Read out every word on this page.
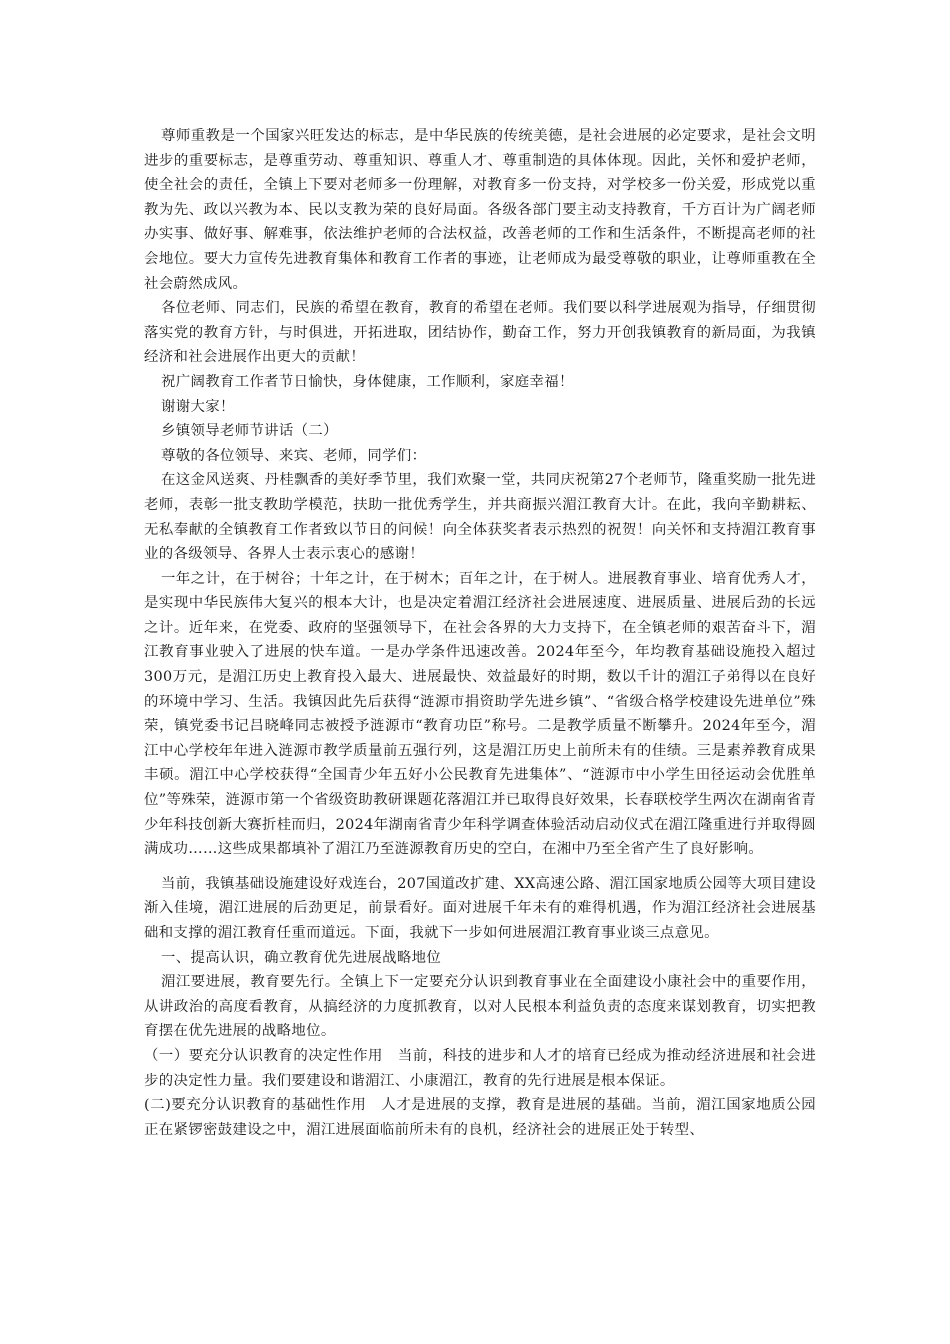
尊师重教是一个国家兴旺发达的标志，是中华民族的传统美德，是社会进展的必定要求，是社会文明进步的重要标志，是尊重劳动、尊重知识、尊重人才、尊重制造的具体体现。因此，关怀和爱护老师，使全社会的责任，全镇上下要对老师多一份理解，对教育多一份支持，对学校多一份关爱，形成党以重教为先、政以兴教为本、民以支教为荣的良好局面。各级各部门要主动支持教育，千方百计为广阔老师办实事、做好事、解难事，依法维护老师的合法权益，改善老师的工作和生活条件，不断提高老师的社会地位。要大力宣传先进教育集体和教育工作者的事迹，让老师成为最受尊敬的职业，让尊师重教在全社会蔚然成风。

各位老师、同志们，民族的希望在教育，教育的希望在老师。我们要以科学进展观为指导，仔细贯彻落实党的教育方针，与时俱进，开拓进取，团结协作，勤奋工作，努力开创我镇教育的新局面，为我镇经济和社会进展作出更大的贡献！

祝广阔教育工作者节日愉快，身体健康，工作顺利，家庭幸福！

谢谢大家！

乡镇领导老师节讲话（二）

尊敬的各位领导、来宾、老师，同学们：

在这金风送爽、丹桂飘香的美好季节里，我们欢聚一堂，共同庆祝第27个老师节，隆重奖励一批先进老师，表彰一批支教助学模范，扶助一批优秀学生，并共商振兴湄江教育大计。在此，我向辛勤耕耘、无私奉献的全镇教育工作者致以节日的问候！向全体获奖者表示热烈的祝贺！向关怀和支持湄江教育事业的各级领导、各界人士表示衷心的感谢！

一年之计，在于树谷；十年之计，在于树木；百年之计，在于树人。进展教育事业、培育优秀人才，是实现中华民族伟大复兴的根本大计，也是决定着湄江经济社会进展速度、进展质量、进展后劲的长远之计。近年来，在党委、政府的坚强领导下，在社会各界的大力支持下，在全镇老师的艰苦奋斗下，湄江教育事业驶入了进展的快车道。一是办学条件迅速改善。2024年至今，年均教育基础设施投入超过300万元，是湄江历史上教育投入最大、进展最快、效益最好的时期，数以千计的湄江子弟得以在良好的环境中学习、生活。我镇因此先后获得“涟源市捐资助学先进乡镇”、“省级合格学校建设先进单位”殊荣，镇党委书记吕晓峰同志被授予涟源市“教育功臣”称号。二是教学质量不断攀升。2024年至今，湄江中心学校年年进入涟源市教学质量前五强行列，这是湄江历史上前所未有的佳绩。三是素养教育成果丰硕。湄江中心学校获得“全国青少年五好小公民教育先进集体”、“涟源市中小学生田径运动会优胜单位”等殊荣，涟源市第一个省级资助教研课题花落湄江并已取得良好效果，长春联校学生两次在湖南省青少年科技创新大赛折桂而归，2024年湖南省青少年科学调查体验活动启动仪式在湄江隆重进行并取得圆满成功……这些成果都填补了湄江乃至涟源教育历史的空白，在湘中乃至全省产生了良好影响。

当前，我镇基础设施建设好戏连台，207国道改扩建、XX高速公路、湄江国家地质公园等大项目建设渐入佳境，湄江进展的后劲更足，前景看好。面对进展千年未有的难得机遇，作为湄江经济社会进展基础和支撑的湄江教育任重而道远。下面，我就下一步如何进展湄江教育事业谈三点意见。

一、提高认识，确立教育优先进展战略地位

湄江要进展，教育要先行。全镇上下一定要充分认识到教育事业在全面建设小康社会中的重要作用，从讲政治的高度看教育，从搞经济的力度抓教育，以对人民根本利益负责的态度来谋划教育，切实把教育摆在优先进展的战略地位。

（一）要充分认识教育的决定性作用　当前，科技的进步和人才的培育已经成为推动经济进展和社会进步的决定性力量。我们要建设和谐湄江、小康湄江，教育的先行进展是根本保证。

(二)要充分认识教育的基础性作用　人才是进展的支撑，教育是进展的基础。当前，湄江国家地质公园正在紧锣密鼓建设之中，湄江进展面临前所未有的良机，经济社会的进展正处于转型、
